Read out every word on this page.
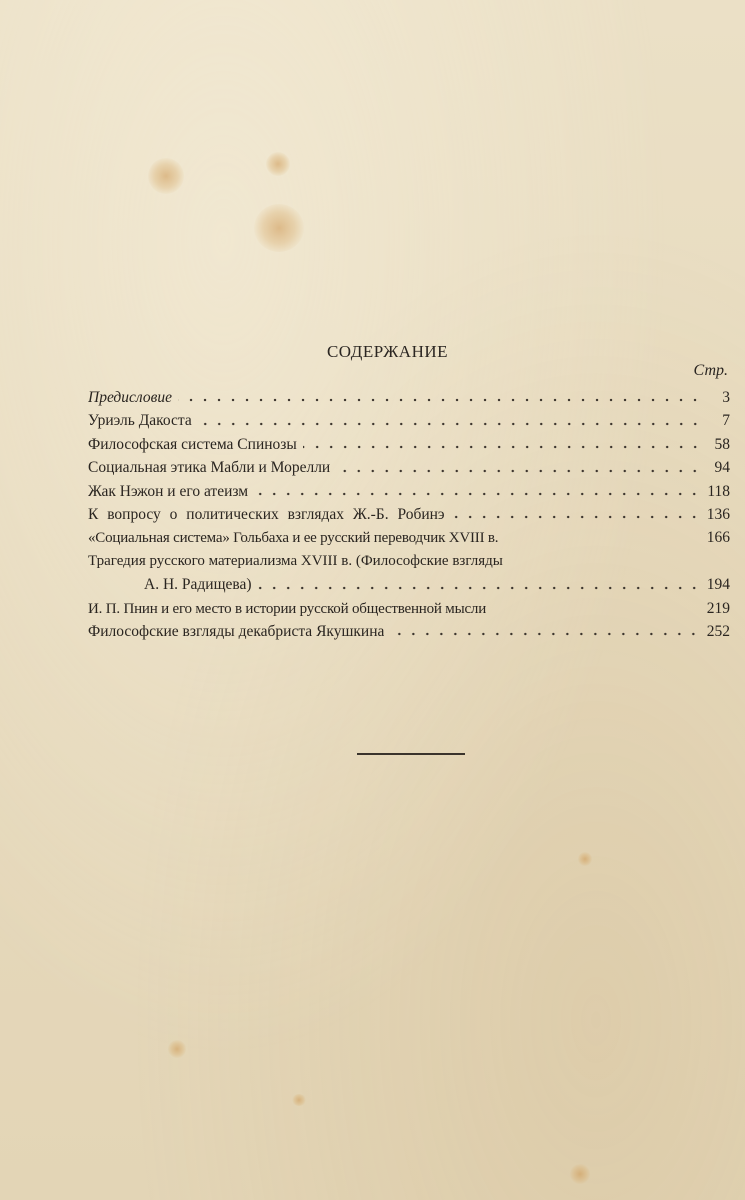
СОДЕРЖАНИЕ
Стр.
Предисловие	3
Уриэль Дакоста	7
Философская система Спинозы	58
Социальная этика Мабли и Морелли	94
Жак Нэжон и его атеизм	118
К вопросу о политических взглядах Ж.-Б. Робинэ	136
«Социальная система» Гольбаха и ее русский переводчик XVIII в.	166
Трагедия русского материализма XVIII в. (Философские взгляды
А. Н. Радищева)	194
И. П. Пнин и его место в истории русской общественной мысли	219
Философские взгляды декабриста Якушкина	252
